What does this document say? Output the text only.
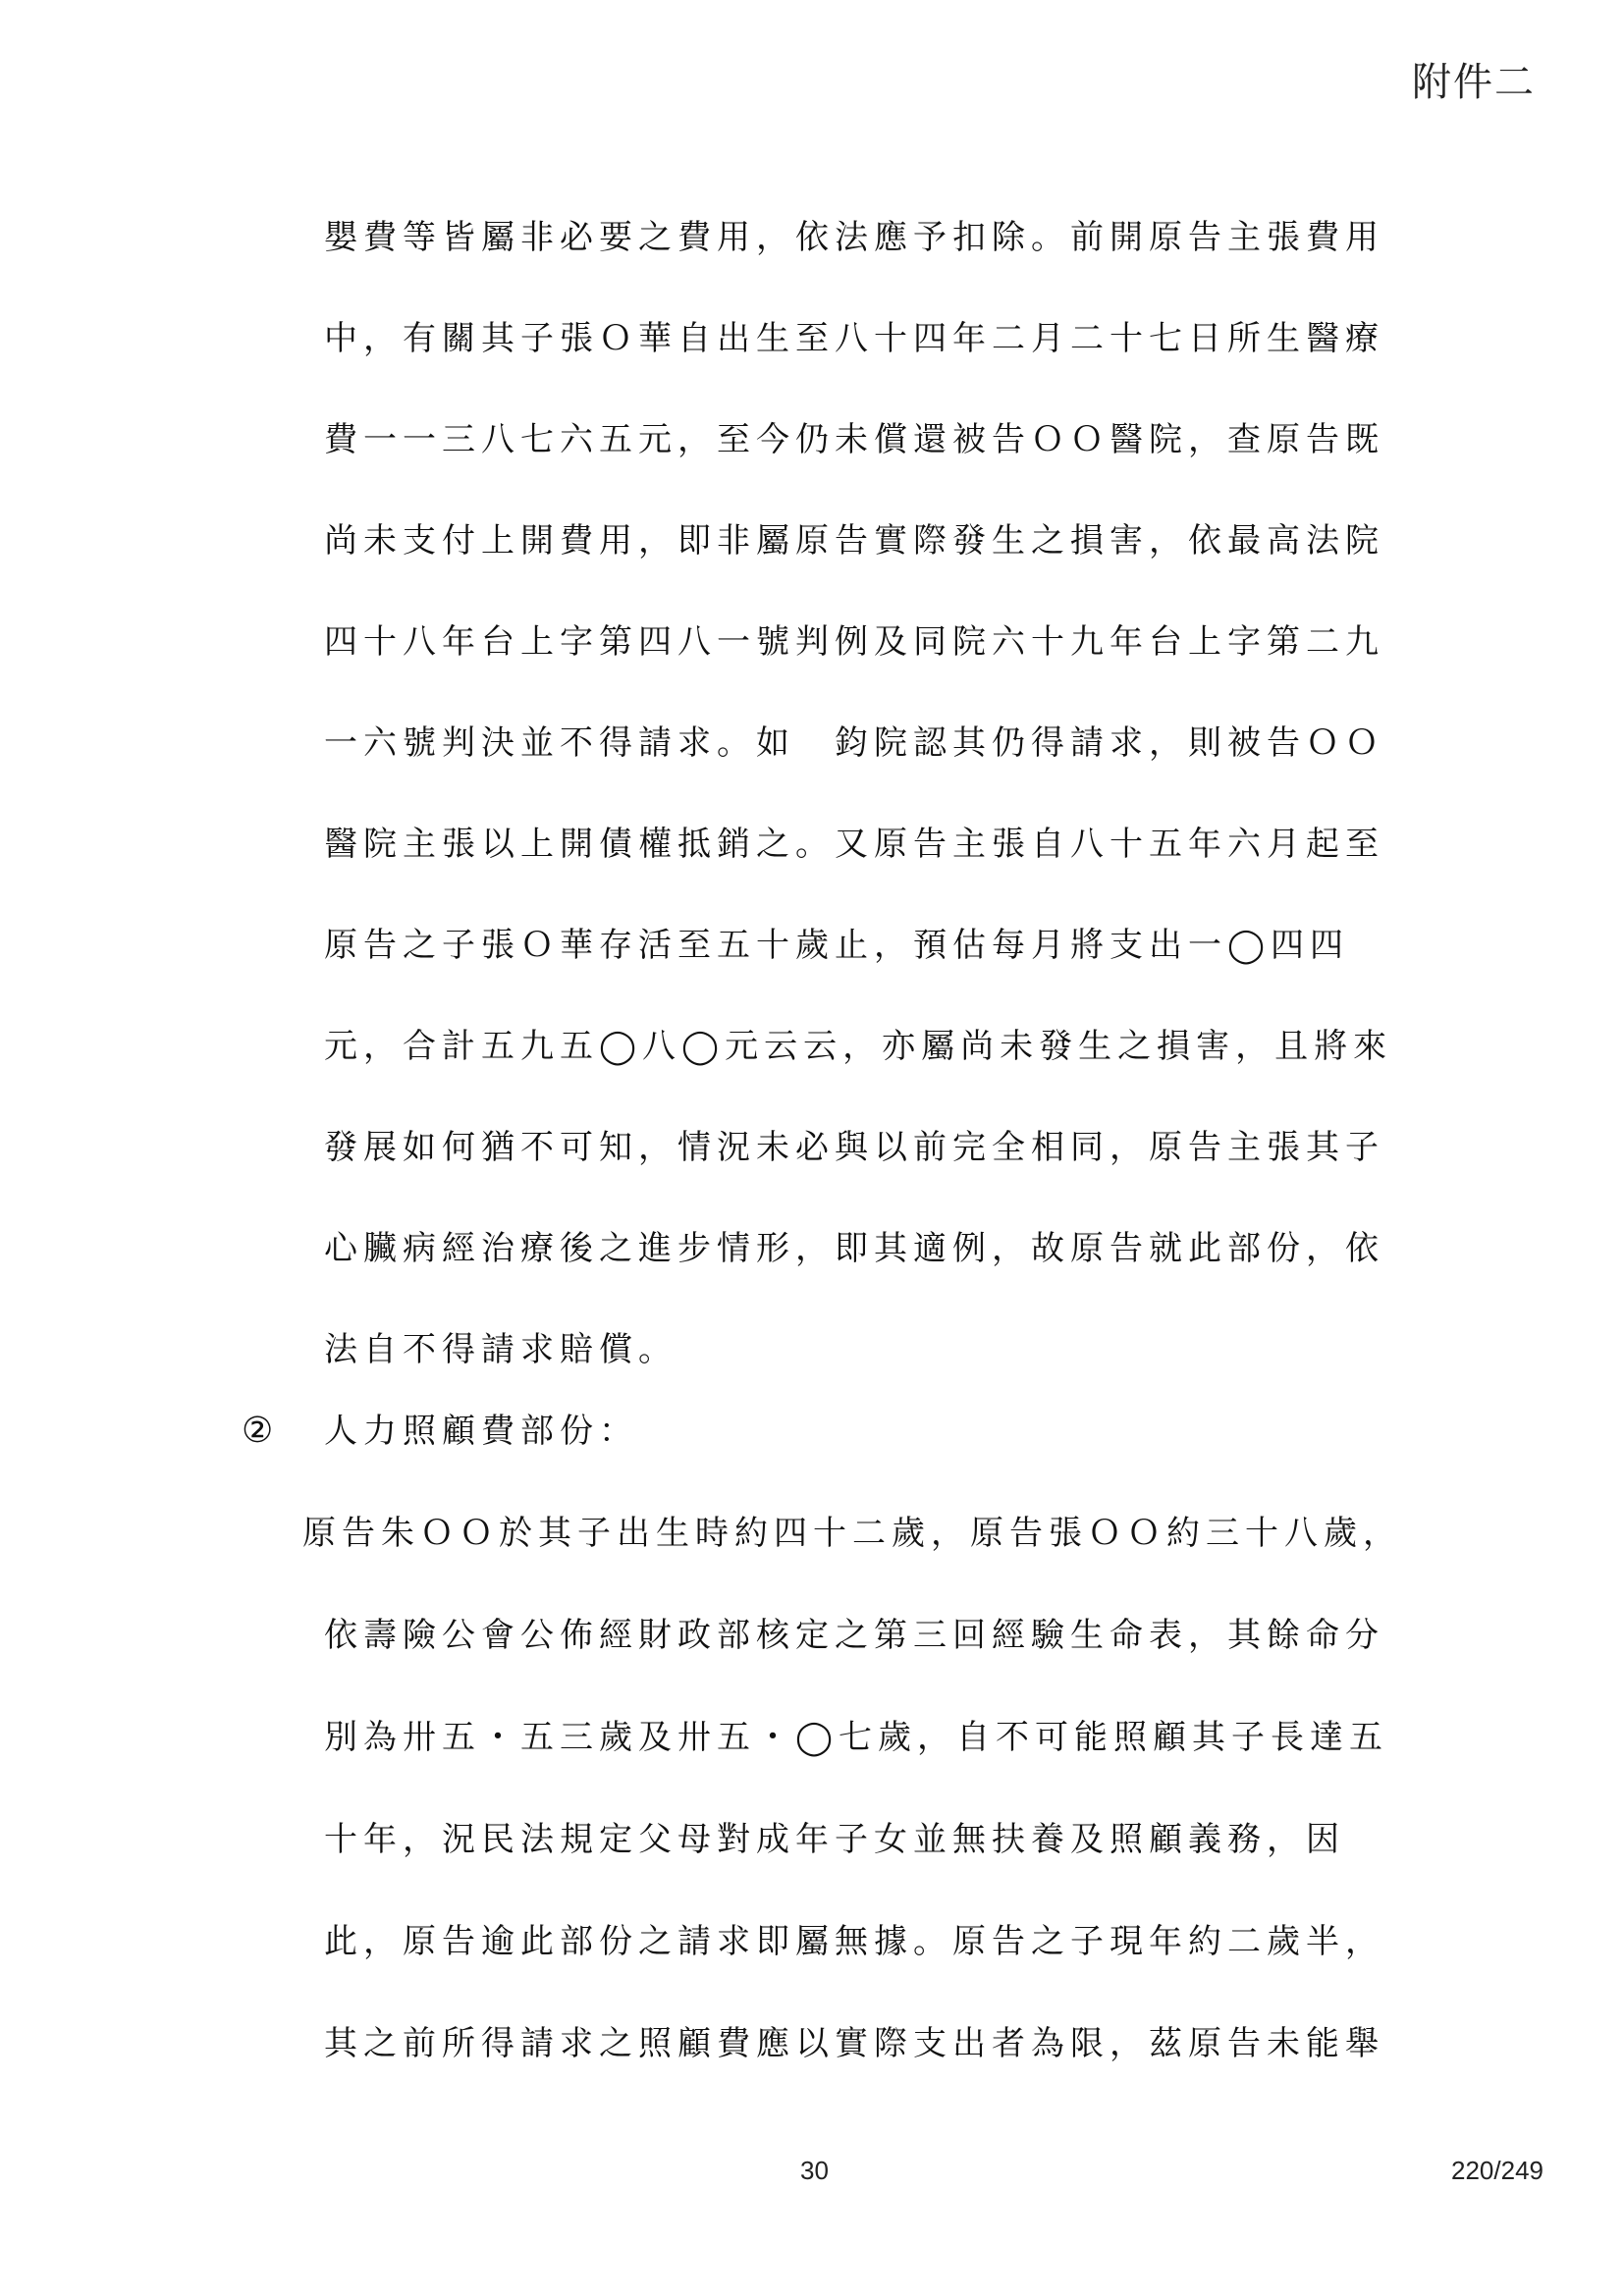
附件二
嬰費等皆屬非必要之費用，依法應予扣除。前開原告主張費用
中，有關其子張Ｏ華自出生至八十四年二月二十七日所生醫療
費一一三八七六五元，至今仍未償還被告ＯＯ醫院，查原告既
尚未支付上開費用，即非屬原告實際發生之損害，依最高法院
四十八年台上字第四八一號判例及同院六十九年台上字第二九
一六號判決並不得請求。如　鈞院認其仍得請求，則被告ＯＯ
醫院主張以上開債權抵銷之。又原告主張自八十五年六月起至
原告之子張Ｏ華存活至五十歲止，預估每月將支出一◯四四
元，合計五九五◯八◯元云云，亦屬尚未發生之損害，且將來
發展如何猶不可知，情況未必與以前完全相同，原告主張其子
心臟病經治療後之進步情形，即其適例，故原告就此部份，依
法自不得請求賠償。
② 人力照顧費部份：
原告朱ＯＯ於其子出生時約四十二歲，原告張ＯＯ約三十八歲，
依壽險公會公佈經財政部核定之第三回經驗生命表，其餘命分
別為卅五・五三歲及卅五・◯七歲，自不可能照顧其子長達五
十年，況民法規定父母對成年子女並無扶養及照顧義務，因
此，原告逾此部份之請求即屬無據。原告之子現年約二歲半，
其之前所得請求之照顧費應以實際支出者為限，茲原告未能舉
30	220/249
